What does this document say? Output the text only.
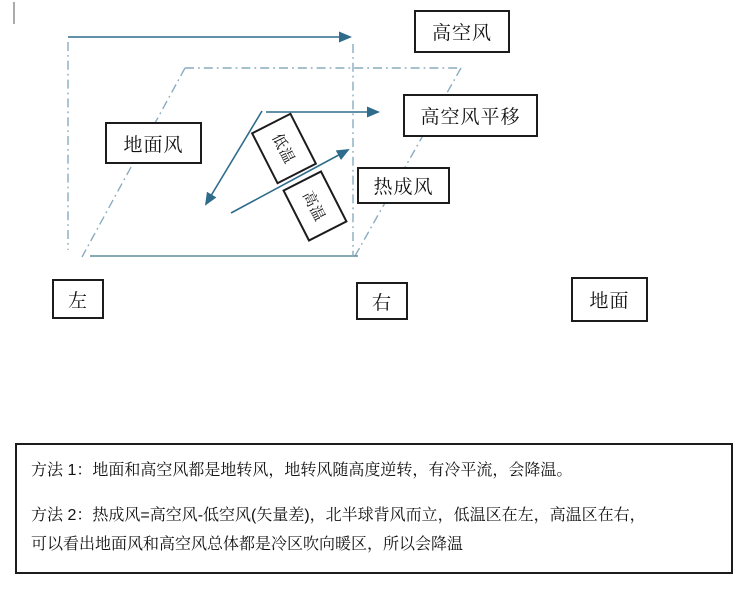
低温
高温
高空风
高空风平移
热成风
地面风
左	右	地面

方法 1：地面和高空风都是地转风，地转风随高度逆转，有冷平流，会降温。

方法 2：热成风=高空风-低空风(矢量差)，北半球背风而立，低温区在左，高温区在右，

可以看出地面风和高空风总体都是冷区吹向暖区，所以会降温
